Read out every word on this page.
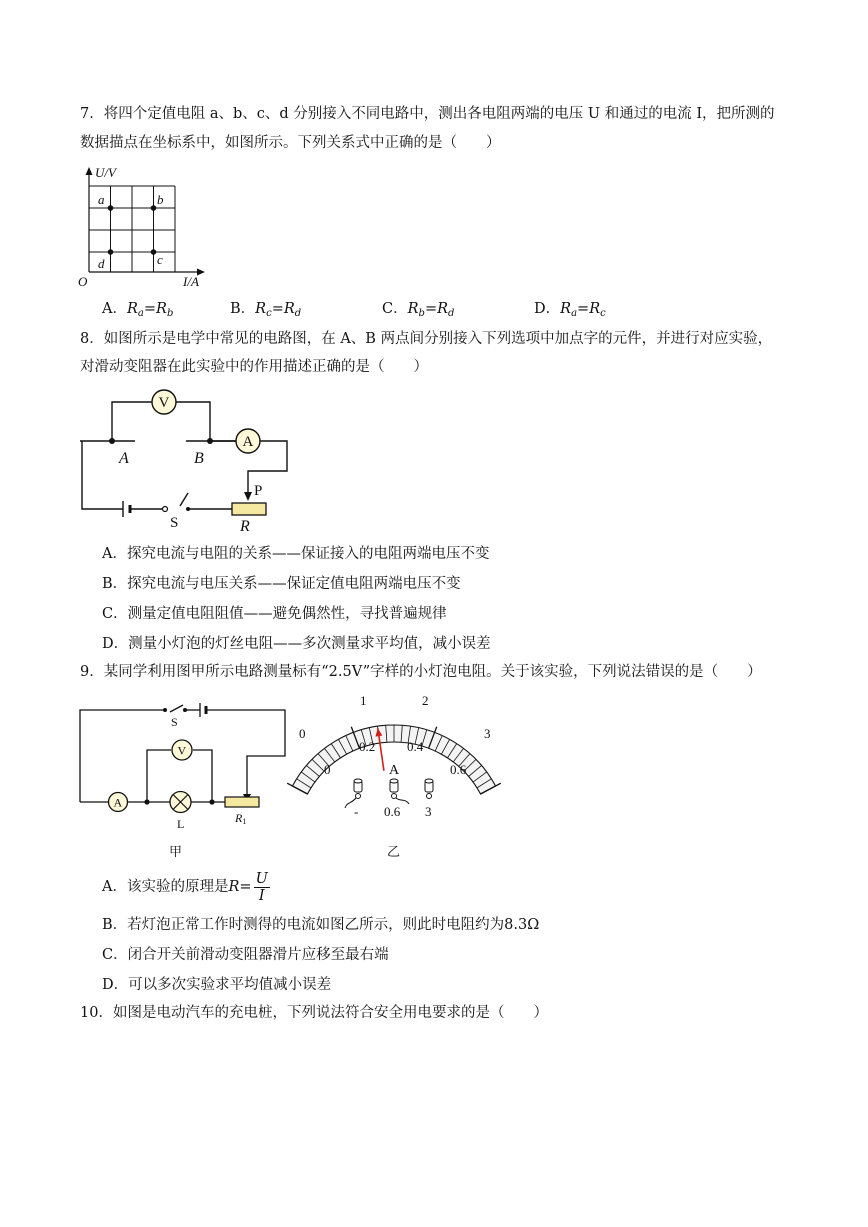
7．将四个定值电阻 a、b、c、d 分别接入不同电路中，测出各电阻两端的电压 U 和通过的电流 I，把所测的
数据描点在坐标系中，如图所示。下列关系式中正确的是（　　）
a	b
c
d
U/V
I/A
O
A．$R_a=R_b$	B．$R_c=R_d$	C．$R_b=R_d$	D．$R_a=R_c$
8．如图所示是电学中常见的电路图，在 A、B 两点间分别接入下列选项中加点字的元件，并进行对应实验，
对滑动变阻器在此实验中的作用描述正确的是（　　）
V
A
A	B
P
S	R
A．探究电流与电阻的关系——保证接入的电阻两端电压不变
B．探究电流与电压关系——保证定值电阻两端电压不变
C．测量定值电阻阻值——避免偶然性，寻找普遍规律
D．测量小灯泡的灯丝电阻——多次测量求平均值，减小误差
9．某同学利用图甲所示电路测量标有“2.5V”字样的小灯泡电阻。关于该实验，下列说法错误的是（　　）
A
V
S
L	R1
甲
0
1	2
3
0.2 0.4
0	0.6
A
- 0.6 3
乙
A．该实验的原理是$R= \frac{U}{I}$
B．若灯泡正常工作时测得的电流如图乙所示，则此时电阻约为8.3Ω
C．闭合开关前滑动变阻器滑片应移至最右端
D．可以多次实验求平均值减小误差
10．如图是电动汽车的充电桩，下列说法符合安全用电要求的是（　　）
